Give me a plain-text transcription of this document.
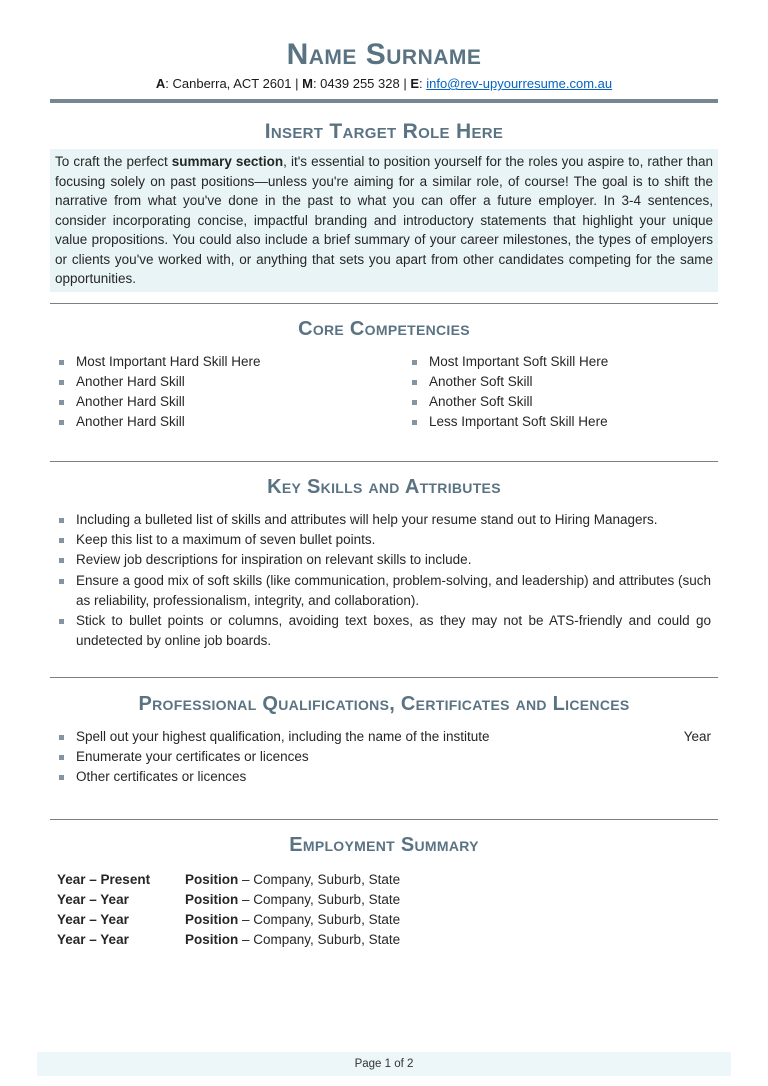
Name Surname
A: Canberra, ACT 2601 | M: 0439 255 328 | E: info@rev-upyourresume.com.au
Insert Target Role Here

To craft the perfect summary section, it's essential to position yourself for the roles you aspire to, rather than focusing solely on past positions—unless you're aiming for a similar role, of course! The goal is to shift the narrative from what you've done in the past to what you can offer a future employer. In 3-4 sentences, consider incorporating concise, impactful branding and introductory statements that highlight your unique value propositions. You could also include a brief summary of your career milestones, the types of employers or clients you've worked with, or anything that sets you apart from other candidates competing for the same opportunities.

Core Competencies
Most Important Hard Skill Here
Another Hard Skill
Another Hard Skill
Another Hard Skill
Most Important Soft Skill Here
Another Soft Skill
Another Soft Skill
Less Important Soft Skill Here
Key Skills and Attributes
Including a bulleted list of skills and attributes will help your resume stand out to Hiring Managers.
Keep this list to a maximum of seven bullet points.
Review job descriptions for inspiration on relevant skills to include.
Ensure a good mix of soft skills (like communication, problem-solving, and leadership) and attributes (such as reliability, professionalism, integrity, and collaboration).
Stick to bullet points or columns, avoiding text boxes, as they may not be ATS-friendly and could go undetected by online job boards.
Professional Qualifications, Certificates and Licences
Spell out your highest qualification, including the name of the institute	Year
Enumerate your certificates or licences
Other certificates or licences
Employment Summary
Year – Present	Position – Company, Suburb, State
Year – Year	Position – Company, Suburb, State
Year – Year	Position – Company, Suburb, State
Year – Year	Position – Company, Suburb, State
Page 1 of 2
